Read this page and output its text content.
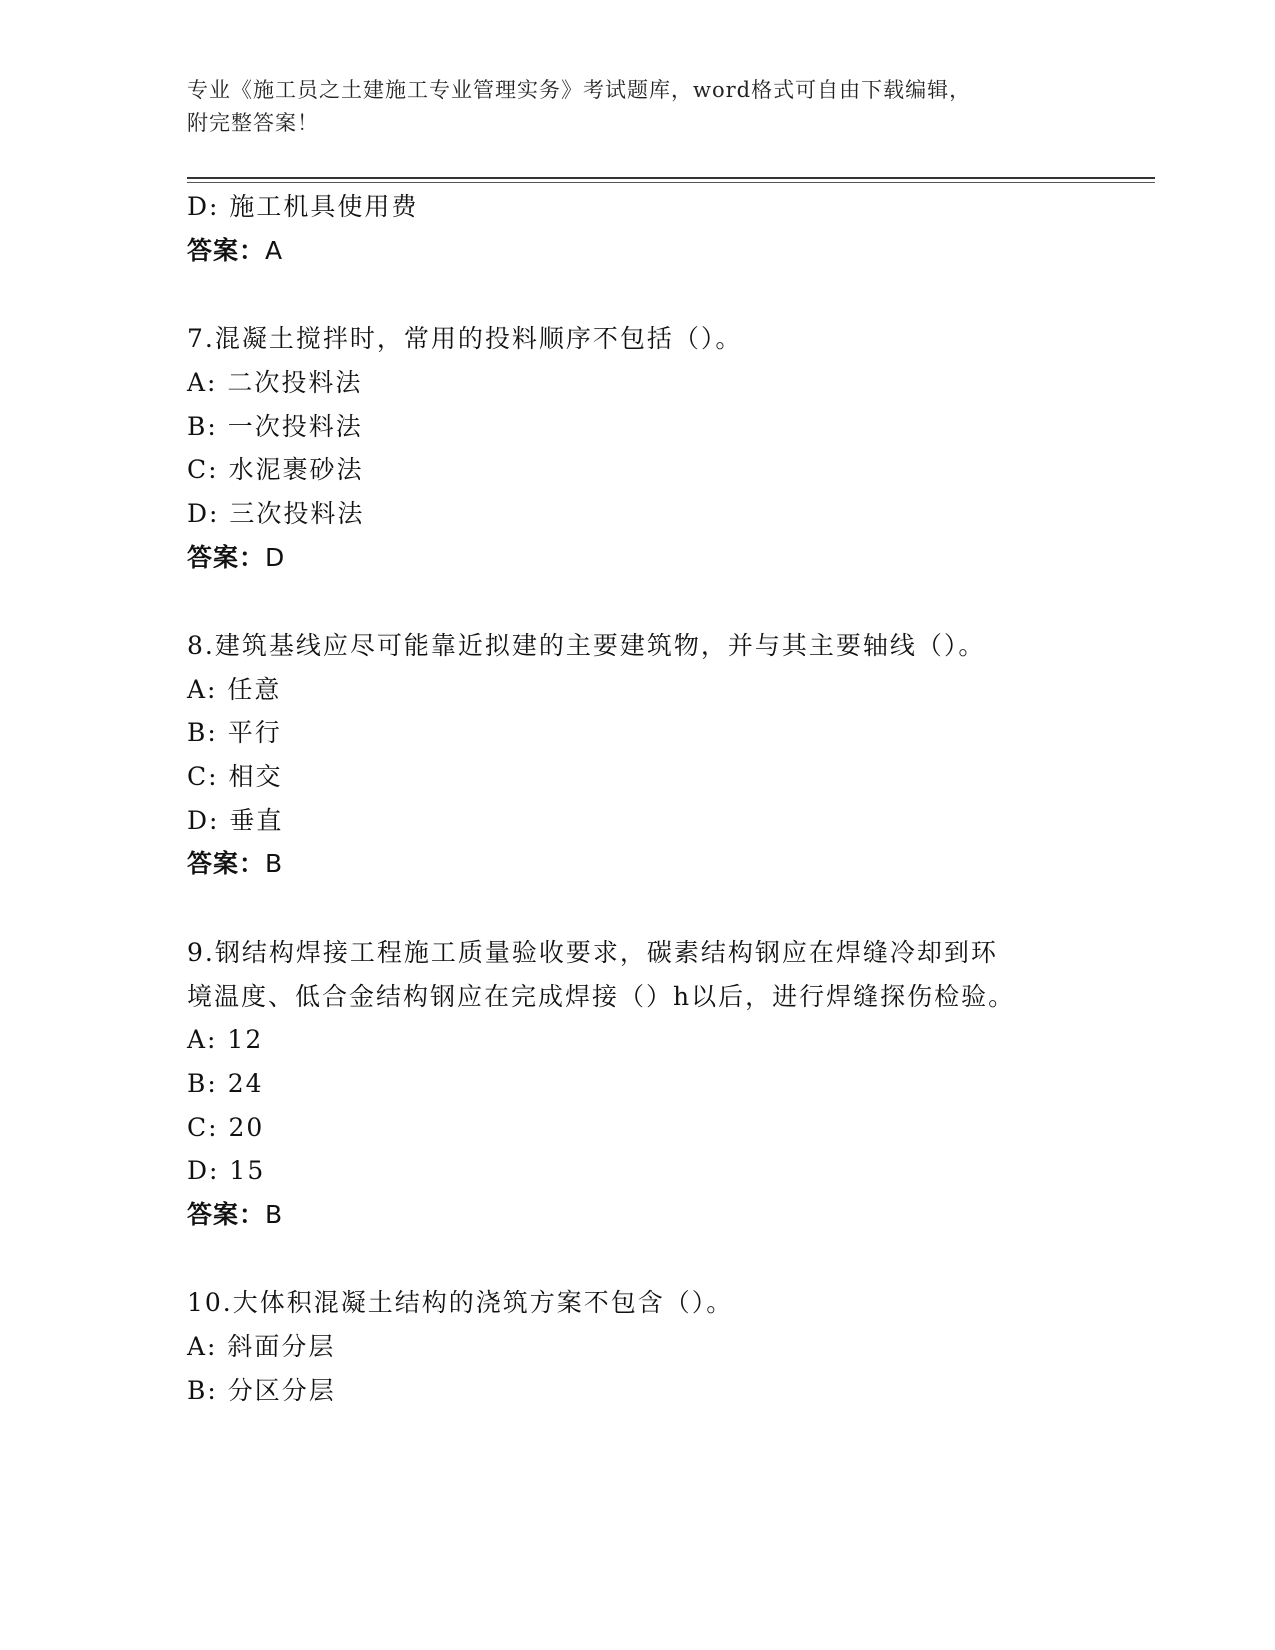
专业《施工员之土建施工专业管理实务》考试题库，word格式可自由下载编辑，
附完整答案！
D: 施工机具使用费
答案：A
7.混凝土搅拌时，常用的投料顺序不包括（）。
A: 二次投料法
B: 一次投料法
C: 水泥裹砂法
D: 三次投料法
答案：D
8.建筑基线应尽可能靠近拟建的主要建筑物，并与其主要轴线（）。
A: 任意
B: 平行
C: 相交
D: 垂直
答案：B
9.钢结构焊接工程施工质量验收要求，碳素结构钢应在焊缝冷却到环
境温度、低合金结构钢应在完成焊接（）h以后，进行焊缝探伤检验。
A: 12
B: 24
C: 20
D: 15
答案：B
10.大体积混凝土结构的浇筑方案不包含（）。
A: 斜面分层
B: 分区分层
